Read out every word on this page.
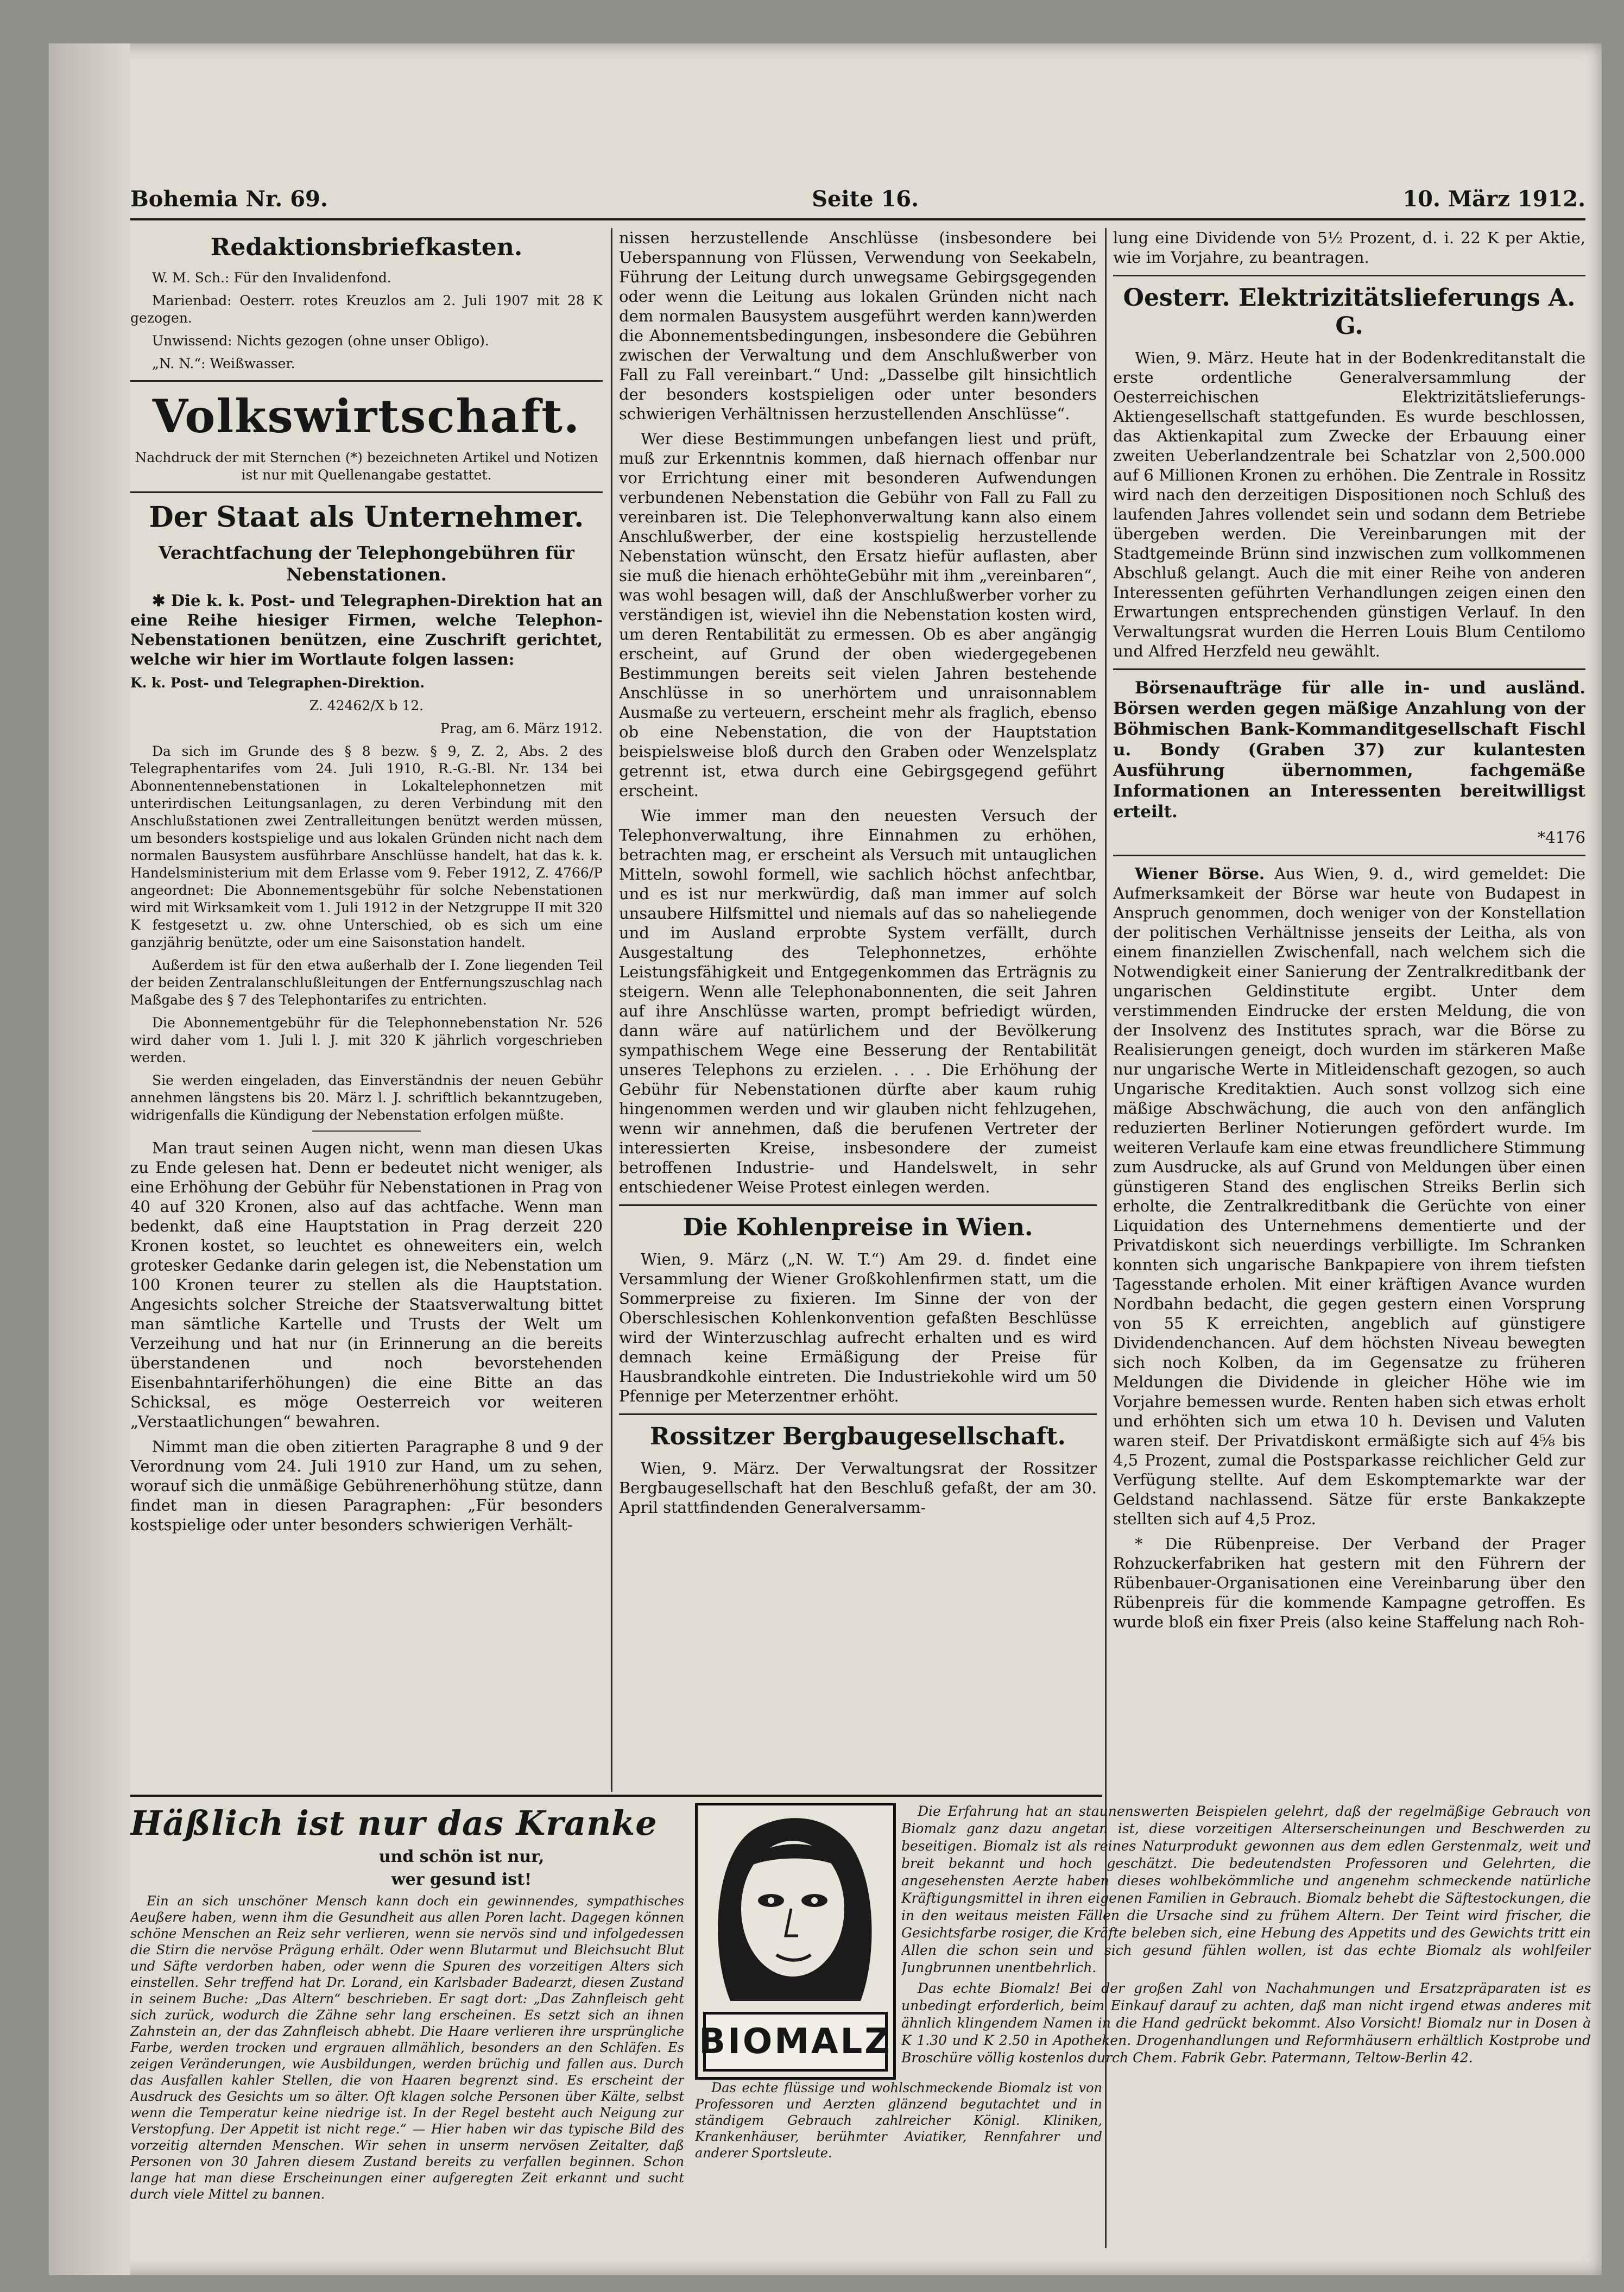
Bohemia Nr. 69.	Seite 16.	10. März 1912.
Redaktionsbriefkasten.

W. M. Sch.: Für den Invalidenfond.

Marienbad: Oesterr. rotes Kreuzlos am 2. Juli 1907 mit 28 K gezogen.

Unwissend: Nichts gezogen (ohne unser Obligo).

„N. N.“: Weißwasser.

Volkswirtschaft.

Nachdruck der mit Sternchen (*) bezeichneten Artikel und Notizen ist nur mit Quellenangabe gestattet.

Der Staat als Unternehmer.
Verachtfachung der Telephongebühren für Nebenstationen.

✱ Die k. k. Post- und Telegraphen-Direktion hat an eine Reihe hiesiger Firmen, welche Telephon-Nebenstationen benützen, eine Zuschrift gerichtet, welche wir hier im Wortlaute folgen lassen:

K. k. Post- und Telegraphen-Direktion.

Z. 42462/X b 12.

Prag, am 6. März 1912.

Da sich im Grunde des § 8 bezw. § 9, Z. 2, Abs. 2 des Telegraphentarifes vom 24. Juli 1910, R.-G.-Bl. Nr. 134 bei Abonnentennebenstationen in Lokaltelephonnetzen mit unterirdischen Leitungsanlagen, zu deren Verbindung mit den Anschlußstationen zwei Zentralleitungen benützt werden müssen, um besonders kostspielige und aus lokalen Gründen nicht nach dem normalen Bausystem ausführbare Anschlüsse handelt, hat das k. k. Handelsministerium mit dem Erlasse vom 9. Feber 1912, Z. 4766/P angeordnet: Die Abonnementsgebühr für solche Nebenstationen wird mit Wirksamkeit vom 1. Juli 1912 in der Netzgruppe II mit 320 K festgesetzt u. zw. ohne Unterschied, ob es sich um eine ganzjährig benützte, oder um eine Saisonstation handelt.

Außerdem ist für den etwa außerhalb der I. Zone liegenden Teil der beiden Zentralanschlußleitungen der Entfernungszuschlag nach Maßgabe des § 7 des Telephontarifes zu entrichten.

Die Abonnementgebühr für die Telephonnebenstation Nr. 526 wird daher vom 1. Juli l. J. mit 320 K jährlich vorgeschrieben werden.

Sie werden eingeladen, das Einverständnis der neuen Gebühr annehmen längstens bis 20. März l. J. schriftlich bekanntzugeben, widrigenfalls die Kündigung der Nebenstation erfolgen müßte.

Man traut seinen Augen nicht, wenn man diesen Ukas zu Ende gelesen hat. Denn er bedeutet nicht weniger, als eine Erhöhung der Gebühr für Nebenstationen in Prag von 40 auf 320 Kronen, also auf das achtfache. Wenn man bedenkt, daß eine Hauptstation in Prag derzeit 220 Kronen kostet, so leuchtet es ohneweiters ein, welch grotesker Gedanke darin gelegen ist, die Nebenstation um 100 Kronen teurer zu stellen als die Hauptstation. Angesichts solcher Streiche der Staatsverwaltung bittet man sämtliche Kartelle und Trusts der Welt um Verzeihung und hat nur (in Erinnerung an die bereits überstandenen und noch bevorstehenden Eisenbahntariferhöhungen) die eine Bitte an das Schicksal, es möge Oesterreich vor weiteren „Verstaatlichungen“ bewahren.

Nimmt man die oben zitierten Paragraphe 8 und 9 der Verordnung vom 24. Juli 1910 zur Hand, um zu sehen, worauf sich die unmäßige Gebührenerhöhung stütze, dann findet man in diesen Paragraphen: „Für besonders kostspielige oder unter besonders schwierigen Verhält-

nissen herzustellende Anschlüsse (insbesondere bei Ueberspannung von Flüssen, Verwendung von Seekabeln, Führung der Leitung durch unwegsame Gebirgsgegenden oder wenn die Leitung aus lokalen Gründen nicht nach dem normalen Bausystem ausgeführt werden kann)werden die Abonnementsbedingungen, insbesondere die Gebühren zwischen der Verwaltung und dem Anschlußwerber von Fall zu Fall vereinbart.“ Und: „Dasselbe gilt hinsichtlich der besonders kostspieligen oder unter besonders schwierigen Verhältnissen herzustellenden Anschlüsse“.

Wer diese Bestimmungen unbefangen liest und prüft, muß zur Erkenntnis kommen, daß hiernach offenbar nur vor Errichtung einer mit besonderen Aufwendungen verbundenen Nebenstation die Gebühr von Fall zu Fall zu vereinbaren ist. Die Telephonverwaltung kann also einem Anschlußwerber, der eine kostspielig herzustellende Nebenstation wünscht, den Ersatz hiefür auflasten, aber sie muß die hienach erhöhteGebühr mit ihm „vereinbaren“, was wohl besagen will, daß der Anschlußwerber vorher zu verständigen ist, wieviel ihn die Nebenstation kosten wird, um deren Rentabilität zu ermessen. Ob es aber angängig erscheint, auf Grund der oben wiedergegebenen Bestimmungen bereits seit vielen Jahren bestehende Anschlüsse in so unerhörtem und unraisonnablem Ausmaße zu verteuern, erscheint mehr als fraglich, ebenso ob eine Nebenstation, die von der Hauptstation beispielsweise bloß durch den Graben oder Wenzelsplatz getrennt ist, etwa durch eine Gebirgsgegend geführt erscheint.

Wie immer man den neuesten Versuch der Telephonverwaltung, ihre Einnahmen zu erhöhen, betrachten mag, er erscheint als Versuch mit untauglichen Mitteln, sowohl formell, wie sachlich höchst anfechtbar, und es ist nur merkwürdig, daß man immer auf solch unsaubere Hilfsmittel und niemals auf das so naheliegende und im Ausland erprobte System verfällt, durch Ausgestaltung des Telephonnetzes, erhöhte Leistungsfähigkeit und Entgegenkommen das Erträgnis zu steigern. Wenn alle Telephonabonnenten, die seit Jahren auf ihre Anschlüsse warten, prompt befriedigt würden, dann wäre auf natürlichem und der Bevölkerung sympathischem Wege eine Besserung der Rentabilität unseres Telephons zu erzielen. . . . Die Erhöhung der Gebühr für Nebenstationen dürfte aber kaum ruhig hingenommen werden und wir glauben nicht fehlzugehen, wenn wir annehmen, daß die berufenen Vertreter der interessierten Kreise, insbesondere der zumeist betroffenen Industrie- und Handelswelt, in sehr entschiedener Weise Protest einlegen werden.

Die Kohlenpreise in Wien.

Wien, 9. März („N. W. T.“) Am 29. d. findet eine Versammlung der Wiener Großkohlenfirmen statt, um die Sommerpreise zu fixieren. Im Sinne der von der Oberschlesischen Kohlenkonvention gefaßten Beschlüsse wird der Winterzuschlag aufrecht erhalten und es wird demnach keine Ermäßigung der Preise für Hausbrandkohle eintreten. Die Industriekohle wird um 50 Pfennige per Meterzentner erhöht.

Rossitzer Bergbaugesellschaft.

Wien, 9. März. Der Verwaltungsrat der Rossitzer Bergbaugesellschaft hat den Beschluß gefaßt, der am 30. April stattfindenden Generalversamm-

lung eine Dividende von 5½ Prozent, d. i. 22 K per Aktie, wie im Vorjahre, zu beantragen.

Oesterr. Elektrizitätslieferungs A. G.

Wien, 9. März. Heute hat in der Bodenkreditanstalt die erste ordentliche Generalversammlung der Oesterreichischen Elektrizitätslieferungs-Aktiengesellschaft stattgefunden. Es wurde beschlossen, das Aktienkapital zum Zwecke der Erbauung einer zweiten Ueberlandzentrale bei Schatzlar von 2,500.000 auf 6 Millionen Kronen zu erhöhen. Die Zentrale in Rossitz wird nach den derzeitigen Dispositionen noch Schluß des laufenden Jahres vollendet sein und sodann dem Betriebe übergeben werden. Die Vereinbarungen mit der Stadtgemeinde Brünn sind inzwischen zum vollkommenen Abschluß gelangt. Auch die mit einer Reihe von anderen Interessenten geführten Verhandlungen zeigen einen den Erwartungen entsprechenden günstigen Verlauf. In den Verwaltungsrat wurden die Herren Louis Blum Centilomo und Alfred Herzfeld neu gewählt.

Börsenaufträge für alle in- und ausländ. Börsen werden gegen mäßige Anzahlung von der Böhmischen Bank-Kommanditgesellschaft Fischl u. Bondy (Graben 37) zur kulantesten Ausführung übernommen, fachgemäße Informationen an Interessenten bereitwilligst erteilt.

*4176

Wiener Börse. Aus Wien, 9. d., wird gemeldet: Die Aufmerksamkeit der Börse war heute von Budapest in Anspruch genommen, doch weniger von der Konstellation der politischen Verhältnisse jenseits der Leitha, als von einem finanziellen Zwischenfall, nach welchem sich die Notwendigkeit einer Sanierung der Zentralkreditbank der ungarischen Geldinstitute ergibt. Unter dem verstimmenden Eindrucke der ersten Meldung, die von der Insolvenz des Institutes sprach, war die Börse zu Realisierungen geneigt, doch wurden im stärkeren Maße nur ungarische Werte in Mitleidenschaft gezogen, so auch Ungarische Kreditaktien. Auch sonst vollzog sich eine mäßige Abschwächung, die auch von den anfänglich reduzierten Berliner Notierungen gefördert wurde. Im weiteren Verlaufe kam eine etwas freundlichere Stimmung zum Ausdrucke, als auf Grund von Meldungen über einen günstigeren Stand des englischen Streiks Berlin sich erholte, die Zentralkreditbank die Gerüchte von einer Liquidation des Unternehmens dementierte und der Privatdiskont sich neuerdings verbilligte. Im Schranken konnten sich ungarische Bankpapiere von ihrem tiefsten Tagesstande erholen. Mit einer kräftigen Avance wurden Nordbahn bedacht, die gegen gestern einen Vorsprung von 55 K erreichten, angeblich auf günstigere Dividendenchancen. Auf dem höchsten Niveau bewegten sich noch Kolben, da im Gegensatze zu früheren Meldungen die Dividende in gleicher Höhe wie im Vorjahre bemessen wurde. Renten haben sich etwas erholt und erhöhten sich um etwa 10 h. Devisen und Valuten waren steif. Der Privatdiskont ermäßigte sich auf 4⅝ bis 4,5 Prozent, zumal die Postsparkasse reichlicher Geld zur Verfügung stellte. Auf dem Eskomptemarkte war der Geldstand nachlassend. Sätze für erste Bankakzepte stellten sich auf 4,5 Proz.

* Die Rübenpreise. Der Verband der Prager Rohzuckerfabriken hat gestern mit den Führern der Rübenbauer-Organisationen eine Vereinbarung über den Rübenpreis für die kommende Kampagne getroffen. Es wurde bloß ein fixer Preis (also keine Staffelung nach Roh-

Häßlich ist nur das Kranke
und schön ist nur,
wer gesund ist!

Ein an sich unschöner Mensch kann doch ein gewinnendes, sympathisches Aeußere haben, wenn ihm die Gesundheit aus allen Poren lacht. Dagegen können schöne Menschen an Reiz sehr verlieren, wenn sie nervös sind und infolgedessen die Stirn die nervöse Prägung erhält. Oder wenn Blutarmut und Bleichsucht Blut und Säfte verdorben haben, oder wenn die Spuren des vorzeitigen Alters sich einstellen. Sehr treffend hat Dr. Lorand, ein Karlsbader Badearzt, diesen Zustand in seinem Buche: „Das Altern“ beschrieben. Er sagt dort: „Das Zahnfleisch geht sich zurück, wodurch die Zähne sehr lang erscheinen. Es setzt sich an ihnen Zahnstein an, der das Zahnfleisch abhebt. Die Haare verlieren ihre ursprüngliche Farbe, werden trocken und ergrauen allmählich, besonders an den Schläfen. Es zeigen Veränderungen, wie Ausbildungen, werden brüchig und fallen aus. Durch das Ausfallen kahler Stellen, die von Haaren begrenzt sind. Es erscheint der Ausdruck des Gesichts um so älter. Oft klagen solche Personen über Kälte, selbst wenn die Temperatur keine niedrige ist. In der Regel besteht auch Neigung zur Verstopfung. Der Appetit ist nicht rege.“ — Hier haben wir das typische Bild des vorzeitig alternden Menschen. Wir sehen in unserm nervösen Zeitalter, daß Personen von 30 Jahren diesem Zustand bereits zu verfallen beginnen. Schon lange hat man diese Erscheinungen einer aufgeregten Zeit erkannt und sucht durch viele Mittel zu bannen.

BIOMALZ

Die Erfahrung hat an staunenswerten Beispielen gelehrt, daß der regelmäßige Gebrauch von Biomalz ganz dazu angetan ist, diese vorzeitigen Alterserscheinungen und Beschwerden zu beseitigen. Biomalz ist als reines Naturprodukt gewonnen aus dem edlen Gerstenmalz, weit und breit bekannt und hoch geschätzt. Die bedeutendsten Professoren und Gelehrten, die angesehensten Aerzte haben dieses wohlbekömmliche und angenehm schmeckende natürliche Kräftigungsmittel in ihren eigenen Familien in Gebrauch. Biomalz behebt die Säftestockungen, die in den weitaus meisten Fällen die Ursache sind zu frühem Altern. Der Teint wird frischer, die Gesichtsfarbe rosiger, die Kräfte beleben sich, eine Hebung des Appetits und des Gewichts tritt ein Allen die schon sein und sich gesund fühlen wollen, ist das echte Biomalz als wohlfeiler Jungbrunnen unentbehrlich.

Das echte Biomalz! Bei der großen Zahl von Nachahmungen und Ersatzpräparaten ist es unbedingt erforderlich, beim Einkauf darauf zu achten, daß man nicht irgend etwas anderes mit ähnlich klingendem Namen in die Hand gedrückt bekommt. Also Vorsicht! Biomalz nur in Dosen à K 1.30 und K 2.50 in Apotheken. Drogenhandlungen und Reformhäusern erhältlich Kostprobe und Broschüre völlig kostenlos durch Chem. Fabrik Gebr. Patermann, Teltow-Berlin 42.

Das echte flüssige und wohlschmeckende Biomalz ist von Professoren und Aerzten glänzend begutachtet und in ständigem Gebrauch zahlreicher Königl. Kliniken, Krankenhäuser, berühmter Aviatiker, Rennfahrer und anderer Sportsleute.
